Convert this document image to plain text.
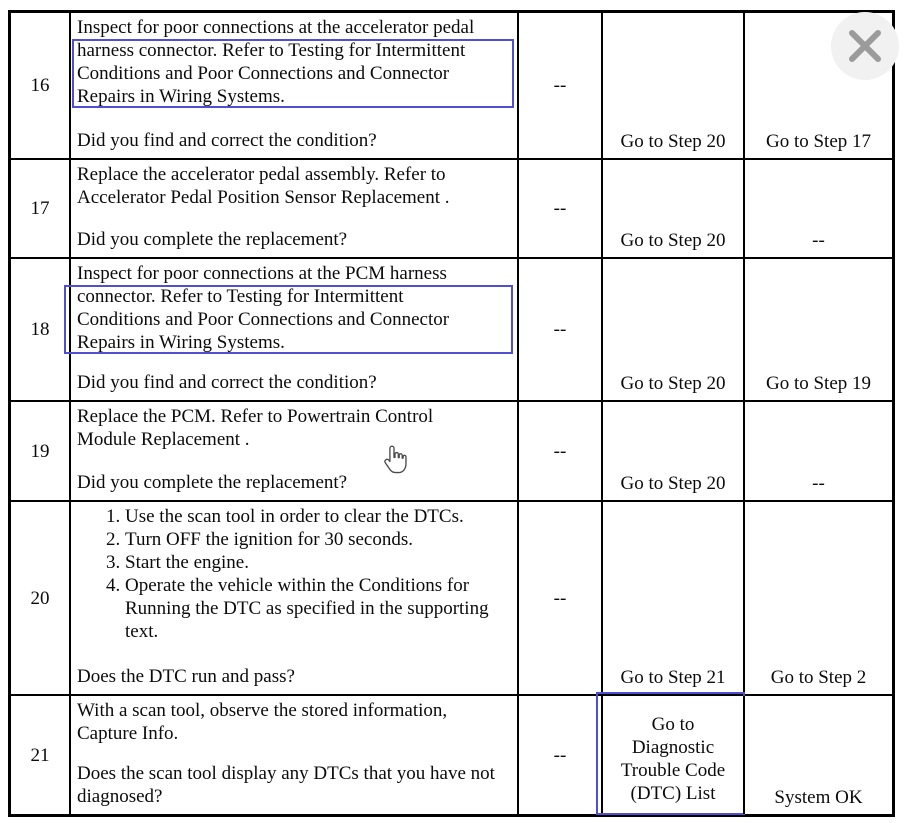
16
Inspect for poor connections at the accelerator pedal
harness connector. Refer to Testing for Intermittent
Conditions and Poor Connections and Connector
Repairs in Wiring Systems.
Did you find and correct the condition?
--
Go to Step 20 Go to Step 17
17
Replace the accelerator pedal assembly. Refer to
Accelerator Pedal Position Sensor Replacement .
Did you complete the replacement?
--
Go to Step 20	--
18
Inspect for poor connections at the PCM harness
connector. Refer to Testing for Intermittent
Conditions and Poor Connections and Connector
Repairs in Wiring Systems.
Did you find and correct the condition?
--
Go to Step 20 Go to Step 19
19
Replace the PCM. Refer to Powertrain Control
Module Replacement .
Did you complete the replacement?
--
Go to Step 20	--
20
1. Use the scan tool in order to clear the DTCs.
2. Turn OFF the ignition for 30 seconds.
3. Start the engine.
4. Operate the vehicle within the Conditions for Running the DTC as specified in the supporting text.
Does the DTC run and pass?
--
Go to Step 21 Go to Step 2
21
With a scan tool, observe the stored information,
Capture Info.
Does the scan tool display any DTCs that you have not diagnosed?
--
Go to Diagnostic Trouble Code (DTC) List	System OK
